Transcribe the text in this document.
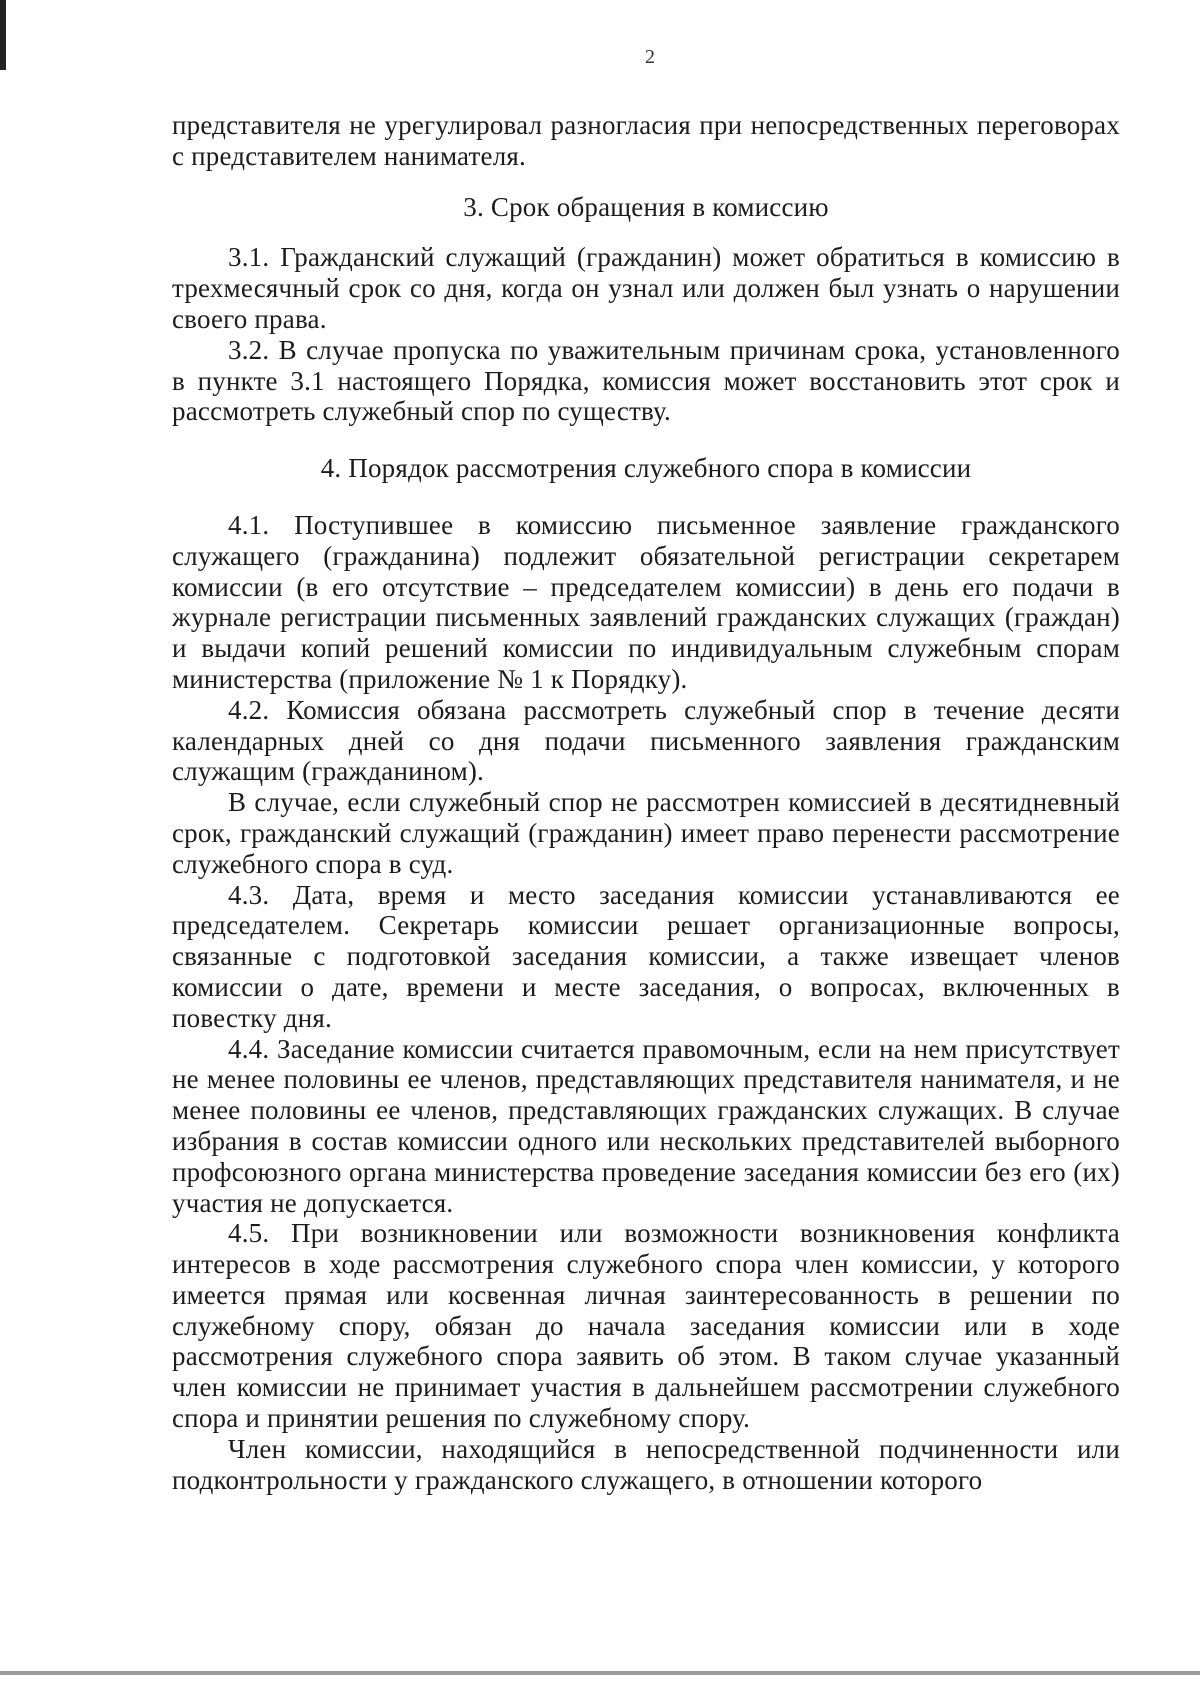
2

представителя не урегулировал разногласия при непосредственных переговорах с представителем нанимателя.

3. Срок обращения в комиссию

3.1. Гражданский служащий (гражданин) может обратиться в комиссию в трехмесячный срок со дня, когда он узнал или должен был узнать о нарушении своего права.

3.2. В случае пропуска по уважительным причинам срока, установленного в пункте 3.1 настоящего Порядка, комиссия может восстановить этот срок и рассмотреть служебный спор по существу.

4. Порядок рассмотрения служебного спора в комиссии

4.1. Поступившее в комиссию письменное заявление гражданского служащего (гражданина) подлежит обязательной регистрации секретарем комиссии (в его отсутствие – председателем комиссии) в день его подачи в журнале регистрации письменных заявлений гражданских служащих (граждан) и выдачи копий решений комиссии по индивидуальным служебным спорам министерства (приложение № 1 к Порядку).

4.2. Комиссия обязана рассмотреть служебный спор в течение десяти календарных дней со дня подачи письменного заявления гражданским служащим (гражданином).

В случае, если служебный спор не рассмотрен комиссией в десятидневный срок, гражданский служащий (гражданин) имеет право перенести рассмотрение служебного спора в суд.

4.3. Дата, время и место заседания комиссии устанавливаются ее председателем. Секретарь комиссии решает организационные вопросы, связанные с подготовкой заседания комиссии, а также извещает членов комиссии о дате, времени и месте заседания, о вопросах, включенных в повестку дня.

4.4. Заседание комиссии считается правомочным, если на нем присутствует не менее половины ее членов, представляющих представителя нанимателя, и не менее половины ее членов, представляющих гражданских служащих. В случае избрания в состав комиссии одного или нескольких представителей выборного профсоюзного органа министерства проведение заседания комиссии без его (их) участия не допускается.

4.5. При возникновении или возможности возникновения конфликта интересов в ходе рассмотрения служебного спора член комиссии, у которого имеется прямая или косвенная личная заинтересованность в решении по служебному спору, обязан до начала заседания комиссии или в ходе рассмотрения служебного спора заявить об этом. В таком случае указанный член комиссии не принимает участия в дальнейшем рассмотрении служебного спора и принятии решения по служебному спору.

Член комиссии, находящийся в непосредственной подчиненности или подконтрольности у гражданского служащего, в отношении которого
